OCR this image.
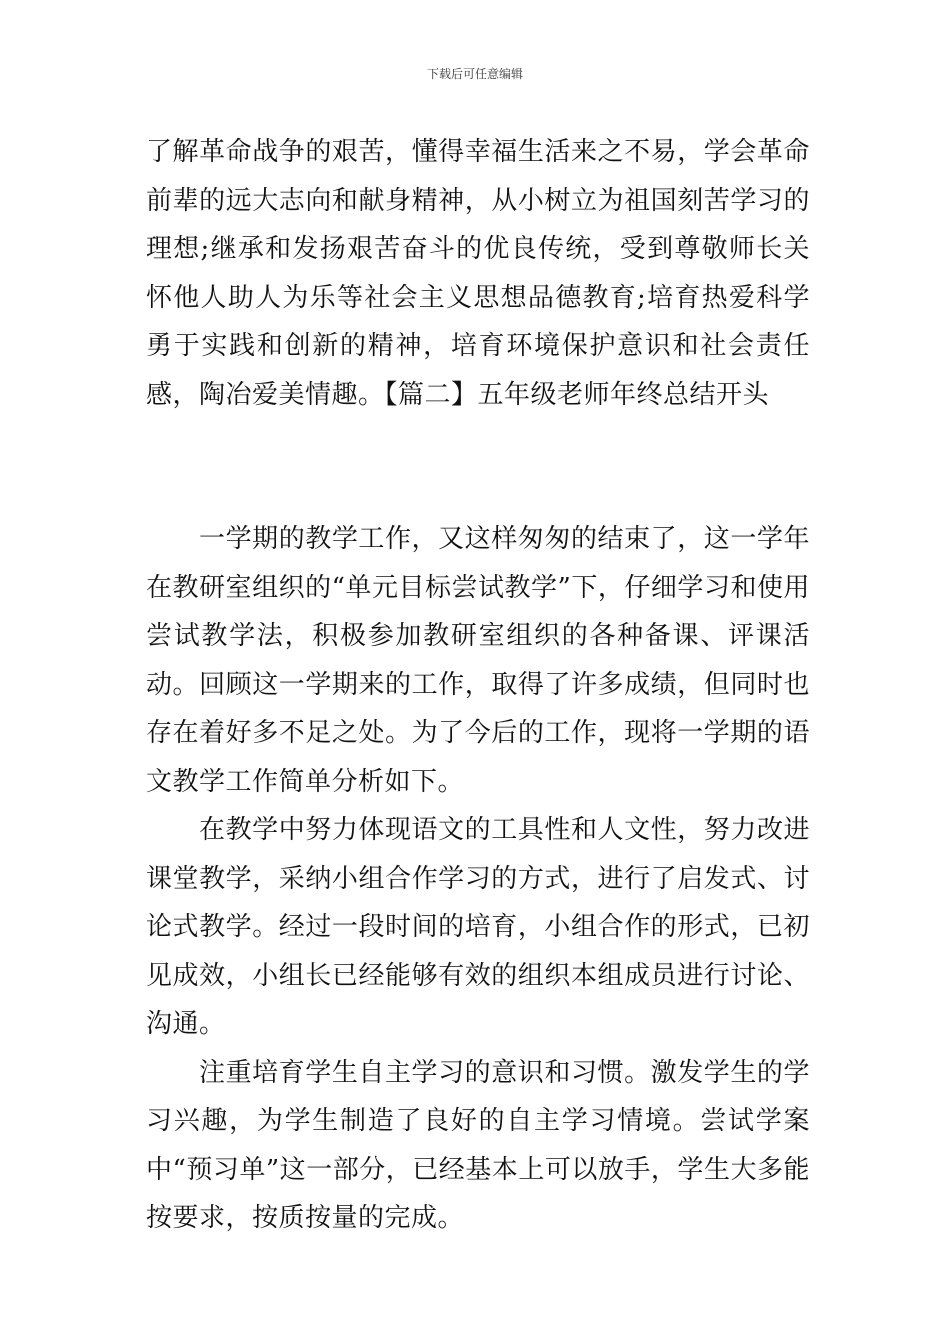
下载后可任意编辑

了解革命战争的艰苦，懂得幸福生活来之不易，学会革命前辈的远大志向和献身精神，从小树立为祖国刻苦学习的理想;继承和发扬艰苦奋斗的优良传统，受到尊敬师长关怀他人助人为乐等社会主义思想品德教育;培育热爱科学勇于实践和创新的精神，培育环境保护意识和社会责任感，陶冶爱美情趣。【篇二】五年级老师年终总结开头

一学期的教学工作，又这样匆匆的结束了，这一学年在教研室组织的“单元目标尝试教学”下，仔细学习和使用尝试教学法，积极参加教研室组织的各种备课、评课活动。回顾这一学期来的工作，取得了许多成绩，但同时也存在着好多不足之处。为了今后的工作，现将一学期的语文教学工作简单分析如下。

在教学中努力体现语文的工具性和人文性，努力改进课堂教学，采纳小组合作学习的方式，进行了启发式、讨论式教学。经过一段时间的培育，小组合作的形式，已初见成效，小组长已经能够有效的组织本组成员进行讨论、沟通。

注重培育学生自主学习的意识和习惯。激发学生的学习兴趣，为学生制造了良好的自主学习情境。尝试学案中“预习单”这一部分，已经基本上可以放手，学生大多能按要求，按质按量的完成。
